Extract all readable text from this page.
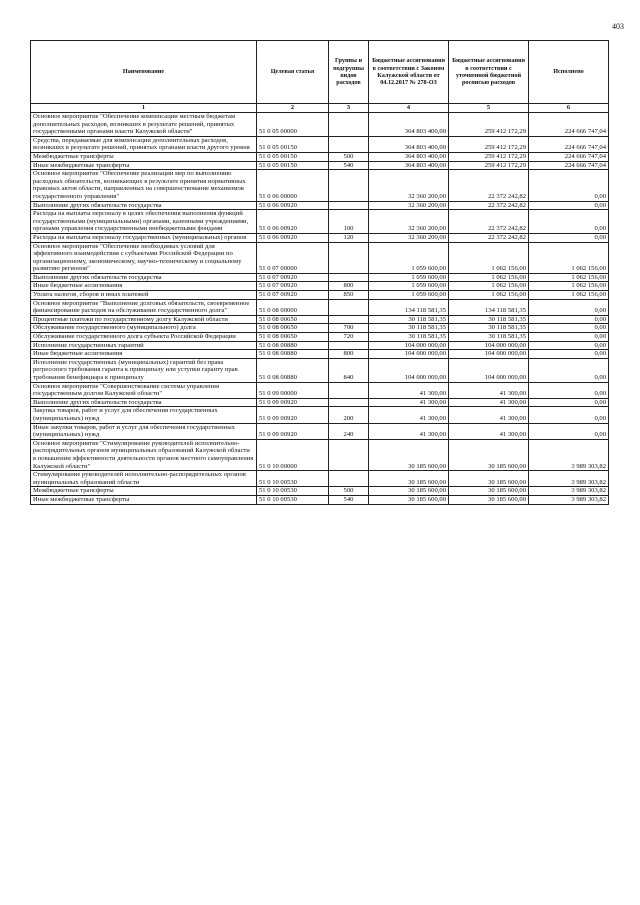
403
Наименование	Целевая статья	Группы и подгруппы видов расходов	Бюджетные ассигнования в соответствии с Законом Калужской области от 04.12.2017 № 278-ОЗ	Бюджетные ассигнования в соответствии с уточненной бюджетной росписью расходов	Исполнено
1	2	3	4	5	6
Основное мероприятие "Обеспечение компенсации местным бюджетам дополнительных расходов, возникших в результате решений, принятых государственными органами власти Калужской области"	51 0 05 00000		364 803 400,00	259 412 172,29	224 666 747,04
Средства, передаваемые для компенсации дополнительных расходов, возникших в результате решений, принятых органами власти другого уровня	51 0 05 00150		364 803 400,00	259 412 172,29	224 666 747,04
Межбюджетные трансферты	51 0 05 00150	500	364 803 400,00	259 412 172,29	224 666 747,04
Иные межбюджетные трансферты	51 0 05 00150	540	364 803 400,00	259 412 172,29	224 666 747,04
Основное мероприятие "Обеспечение реализации мер по выполнению расходных обязательств, возникающих в результате принятия нормативных правовых актов области, направленных на совершенствование механизмов государственного управления"	51 0 06 00000		32 360 200,00	22 372 242,82	0,00
Выполнение других обязательств государства	51 0 06 00920		32 360 200,00	22 372 242,82	0,00
Расходы на выплаты персоналу в целях обеспечения выполнения функций государственными (муниципальными) органами, казенными учреждениями, органами управления государственными внебюджетными фондами	51 0 06 00920	100	32 360 200,00	22 372 242,82	0,00
Расходы на выплаты персоналу государственных (муниципальных) органов	51 0 06 00920	120	32 360 200,00	22 372 242,82	0,00
Основное мероприятие "Обеспечение необходимых условий для эффективного взаимодействия с субъектами Российской Федерации по организационному, экономическому, научно-техническому и социальному развитию регионов"	51 0 07 00000		1 059 600,00	1 062 156,00	1 062 156,00
Выполнение других обязательств государства	51 0 07 00920		1 059 600,00	1 062 156,00	1 062 156,00
Иные бюджетные ассигнования	51 0 07 00920	800	1 059 600,00	1 062 156,00	1 062 156,00
Уплата налогов, сборов и иных платежей	51 0 07 00920	850	1 059 600,00	1 062 156,00	1 062 156,00
Основное мероприятие "Выполнение долговых обязательств, своевременное финансирование расходов на обслуживание государственного долга"	51 0 08 00000		134 118 581,35	134 118 581,35	0,00
Процентные платежи по государственному долгу Калужской области	51 0 08 00650		30 118 581,35	30 118 581,35	0,00
Обслуживание государственного (муниципального) долга	51 0 08 00650	700	30 118 581,35	30 118 581,35	0,00
Обслуживание государственного долга субъекта Российской Федерации	51 0 08 00650	720	30 118 581,35	30 118 581,35	0,00
Исполнение государственных гарантий	51 0 08 00880		104 000 000,00	104 000 000,00	0,00
Иные бюджетные ассигнования	51 0 08 00880	800	104 000 000,00	104 000 000,00	0,00
Исполнение государственных (муниципальных) гарантий без права регрессного требования гаранта к принципалу или уступки гаранту прав требования бенефициара к принципалу	51 0 08 00880	840	104 000 000,00	104 000 000,00	0,00
Основное мероприятие "Совершенствование системы управления государственным долгом Калужской области"	51 0 09 00000		41 300,00	41 300,00	0,00
Выполнение других обязательств государства	51 0 09 00920		41 300,00	41 300,00	0,00
Закупка товаров, работ и услуг для обеспечения государственных (муниципальных) нужд	51 0 09 00920	200	41 300,00	41 300,00	0,00
Иные закупки товаров, работ и услуг для обеспечения государственных (муниципальных) нужд	51 0 09 00920	240	41 300,00	41 300,00	0,00
Основное мероприятие "Стимулирование руководителей исполнительно-распорядительных органов муниципальных образований Калужской области в повышении эффективности деятельности органов местного самоуправления Калужской области"	51 0 10 00000		30 185 600,00	30 185 600,00	3 989 303,82
Стимулирование руководителей исполнительно-распорядительных органов муниципальных образований области	51 0 10 00530		30 185 600,00	30 185 600,00	3 989 303,82
Межбюджетные трансферты	51 0 10 00530	500	30 185 600,00	30 185 600,00	3 989 303,82
Иные межбюджетные трансферты	51 0 10 00530	540	30 185 600,00	30 185 600,00	3 989 303,82
